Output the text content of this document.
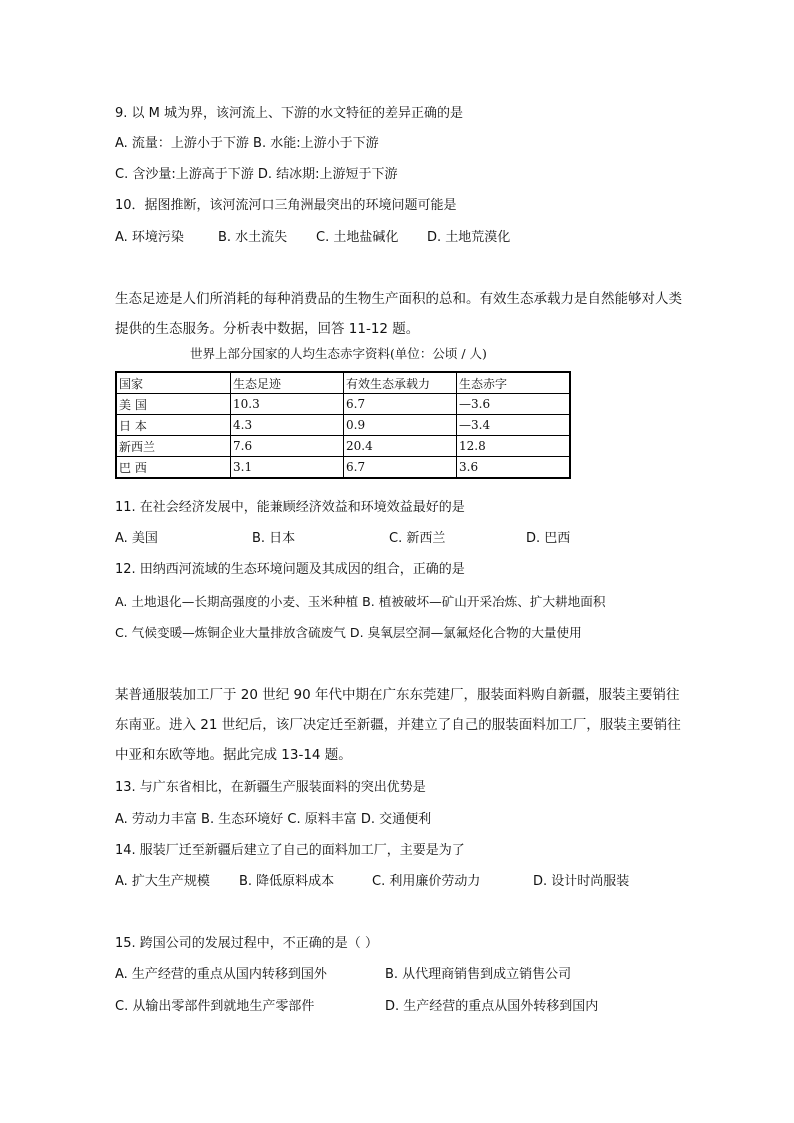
9. 以 M 城为界，该河流上、下游的水文特征的差异正确的是
A. 流量：上游小于下游 B. 水能:上游小于下游
C. 含沙量:上游高于下游 D. 结冰期:上游短于下游
10．据图推断，该河流河口三角洲最突出的环境问题可能是
A. 环境污染	B. 水土流失 C. 土地盐碱化 D. 土地荒漠化
生态足迹是人们所消耗的每种消费品的生物生产面积的总和。有效生态承载力是自然能够对人类提供的生态服务。分析表中数据，回答 11-12 题。
世界上部分国家的人均生态赤字资料(单位：公顷 / 人)
国家	生态足迹	有效生态承载力	生态赤字
美 国	10.3	6.7	—3.6
日 本	4.3	0.9	—3.4
新西兰	7.6	20.4	12.8
巴 西	3.1	6.7	3.6
11. 在社会经济发展中，能兼顾经济效益和环境效益最好的是
A. 美国	B. 日本	C. 新西兰	D. 巴西
12. 田纳西河流域的生态环境问题及其成因的组合，正确的是
A. 土地退化—长期高强度的小麦、玉米种植 B. 植被破坏—矿山开采冶炼、扩大耕地面积
C. 气候变暖—炼铜企业大量排放含硫废气 D. 臭氧层空洞—氯氟烃化合物的大量使用
某普通服装加工厂于 20 世纪 90 年代中期在广东东莞建厂，服装面料购自新疆，服装主要销往东南亚。进入 21 世纪后，该厂决定迁至新疆，并建立了自己的服装面料加工厂，服装主要销往中亚和东欧等地。据此完成 13-14 题。
13. 与广东省相比，在新疆生产服装面料的突出优势是
A. 劳动力丰富 B. 生态环境好 C. 原料丰富 D. 交通便利
14. 服装厂迁至新疆后建立了自己的面料加工厂，主要是为了
A. 扩大生产规模 B. 降低原料成本	C. 利用廉价劳动力	D. 设计时尚服装
15. 跨国公司的发展过程中，不正确的是（ ）
A. 生产经营的重点从国内转移到国外	B. 从代理商销售到成立销售公司
C. 从输出零部件到就地生产零部件	D. 生产经营的重点从国外转移到国内
